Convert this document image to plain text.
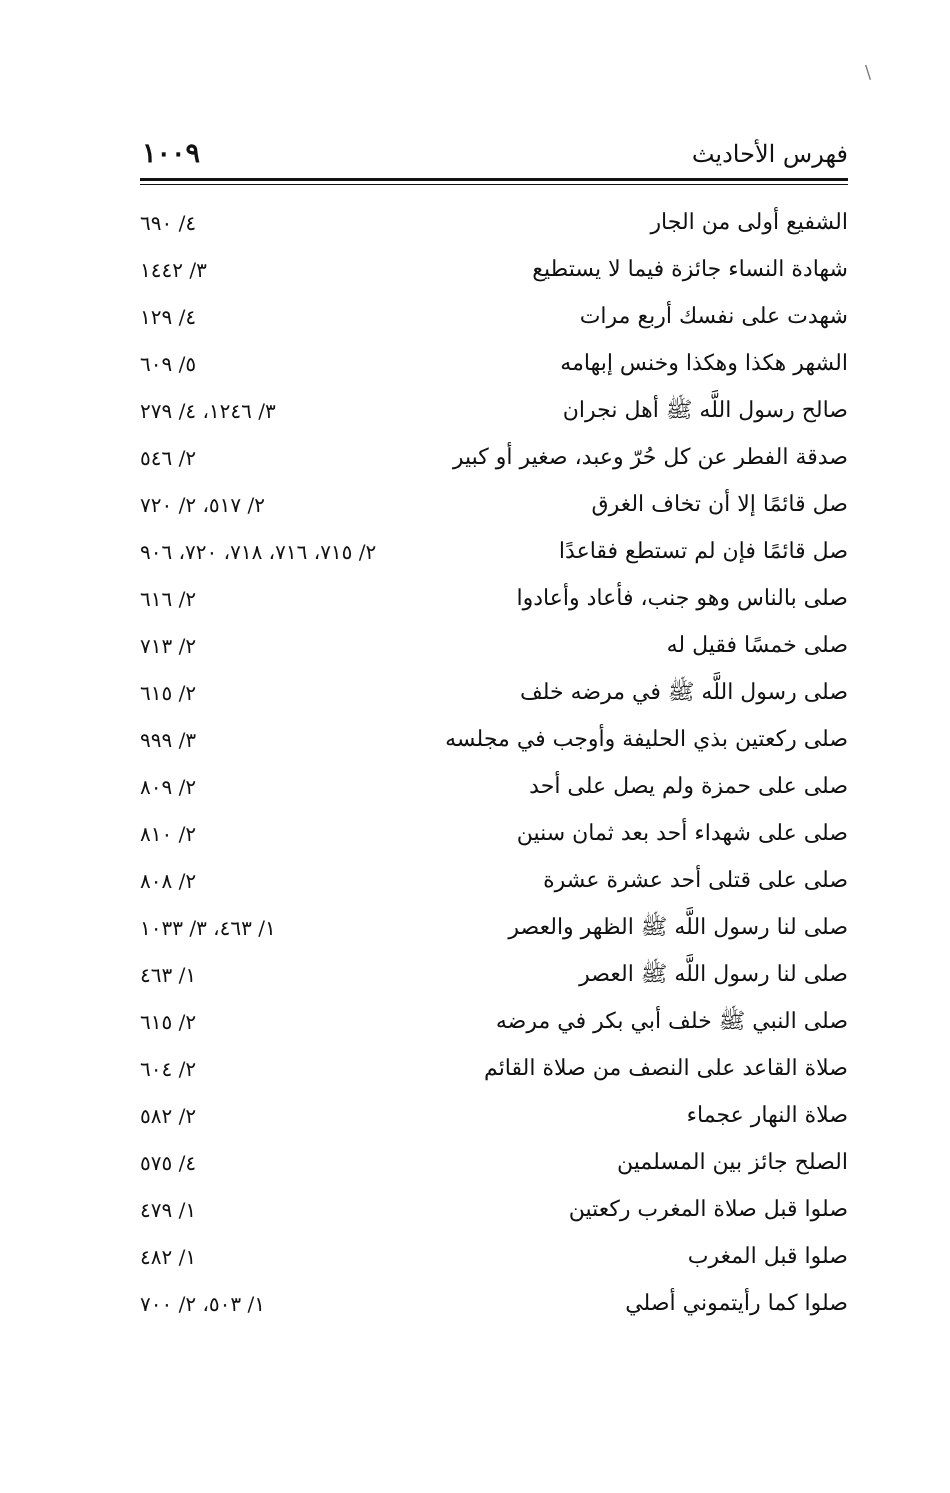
\
١٠٠٩	فهرس الأحاديث
الشفيع أولى من الجار
٤/ ٦٩٠
شهادة النساء جائزة فيما لا يستطيع
٣/ ١٤٤٢
شهدت على نفسك أربع مرات
٤/ ١٢٩
الشهر هكذا وهكذا وخنس إبهامه
٥/ ٦٠٩
صالح رسول اللَّه ﷺ أهل نجران
٣/ ١٢٤٦، ٤/ ٢٧٩
صدقة الفطر عن كل حُرّ وعبد، صغير أو كبير
٢/ ٥٤٦
صل قائمًا إلا أن تخاف الغرق
٢/ ٥١٧، ٢/ ٧٢٠
صل قائمًا فإن لم تستطع فقاعدًا
٢/ ٧١٥، ٧١٦، ٧١٨، ٧٢٠، ٩٠٦
صلى بالناس وهو جنب، فأعاد وأعادوا
٢/ ٦١٦
صلى خمسًا فقيل له
٢/ ٧١٣
صلى رسول اللَّه ﷺ في مرضه خلف
٢/ ٦١٥
صلى ركعتين بذي الحليفة وأوجب في مجلسه
٣/ ٩٩٩
صلى على حمزة ولم يصل على أحد
٢/ ٨٠٩
صلى على شهداء أحد بعد ثمان سنين
٢/ ٨١٠
صلى على قتلى أحد عشرة عشرة
٢/ ٨٠٨
صلى لنا رسول اللَّه ﷺ الظهر والعصر
١/ ٤٦٣، ٣/ ١٠٣٣
صلى لنا رسول اللَّه ﷺ العصر
١/ ٤٦٣
صلى النبي ﷺ خلف أبي بكر في مرضه
٢/ ٦١٥
صلاة القاعد على النصف من صلاة القائم
٢/ ٦٠٤
صلاة النهار عجماء
٢/ ٥٨٢
الصلح جائز بين المسلمين
٤/ ٥٧٥
صلوا قبل صلاة المغرب ركعتين
١/ ٤٧٩
صلوا قبل المغرب
١/ ٤٨٢
صلوا كما رأيتموني أصلي
١/ ٥٠٣، ٢/ ٧٠٠
